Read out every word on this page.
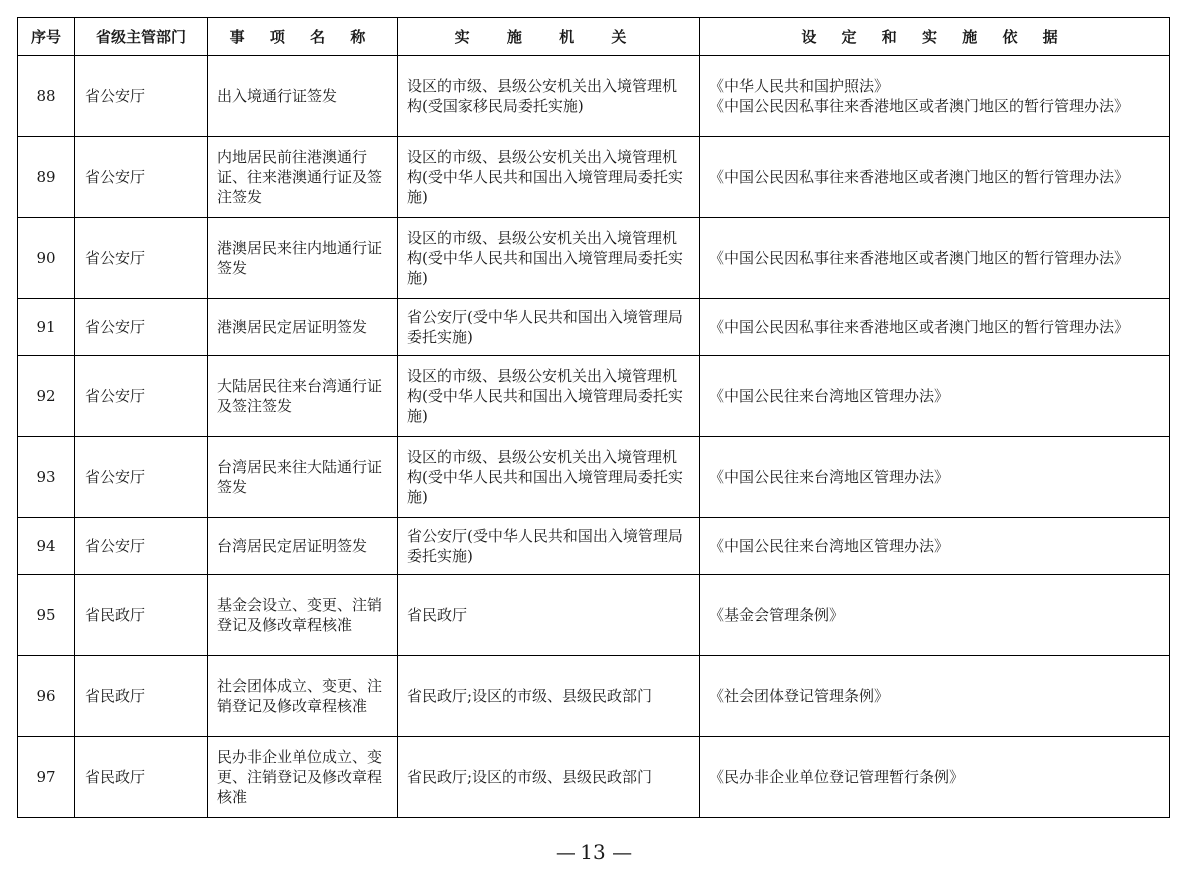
序号	省级主管部门	事 项 名 称	实 施 机 关	设 定 和 实 施 依 据
88	省公安厅	出入境通行证签发	设区的市级、县级公安机关出入境管理机构(受国家移民局委托实施)	《中华人民共和国护照法》
《中国公民因私事往来香港地区或者澳门地区的暂行管理办法》
89	省公安厅	内地居民前往港澳通行证、往来港澳通行证及签注签发	设区的市级、县级公安机关出入境管理机构(受中华人民共和国出入境管理局委托实施)	《中国公民因私事往来香港地区或者澳门地区的暂行管理办法》
90	省公安厅	港澳居民来往内地通行证签发	设区的市级、县级公安机关出入境管理机构(受中华人民共和国出入境管理局委托实施)	《中国公民因私事往来香港地区或者澳门地区的暂行管理办法》
91	省公安厅	港澳居民定居证明签发	省公安厅(受中华人民共和国出入境管理局委托实施)	《中国公民因私事往来香港地区或者澳门地区的暂行管理办法》
92	省公安厅	大陆居民往来台湾通行证及签注签发	设区的市级、县级公安机关出入境管理机构(受中华人民共和国出入境管理局委托实施)	《中国公民往来台湾地区管理办法》
93	省公安厅	台湾居民来往大陆通行证签发	设区的市级、县级公安机关出入境管理机构(受中华人民共和国出入境管理局委托实施)	《中国公民往来台湾地区管理办法》
94	省公安厅	台湾居民定居证明签发	省公安厅(受中华人民共和国出入境管理局委托实施)	《中国公民往来台湾地区管理办法》
95	省民政厅	基金会设立、变更、注销登记及修改章程核准	省民政厅	《基金会管理条例》
96	省民政厅	社会团体成立、变更、注销登记及修改章程核准	省民政厅;设区的市级、县级民政部门	《社会团体登记管理条例》
97	省民政厅	民办非企业单位成立、变更、注销登记及修改章程核准	省民政厅;设区的市级、县级民政部门	《民办非企业单位登记管理暂行条例》
— 13 —
